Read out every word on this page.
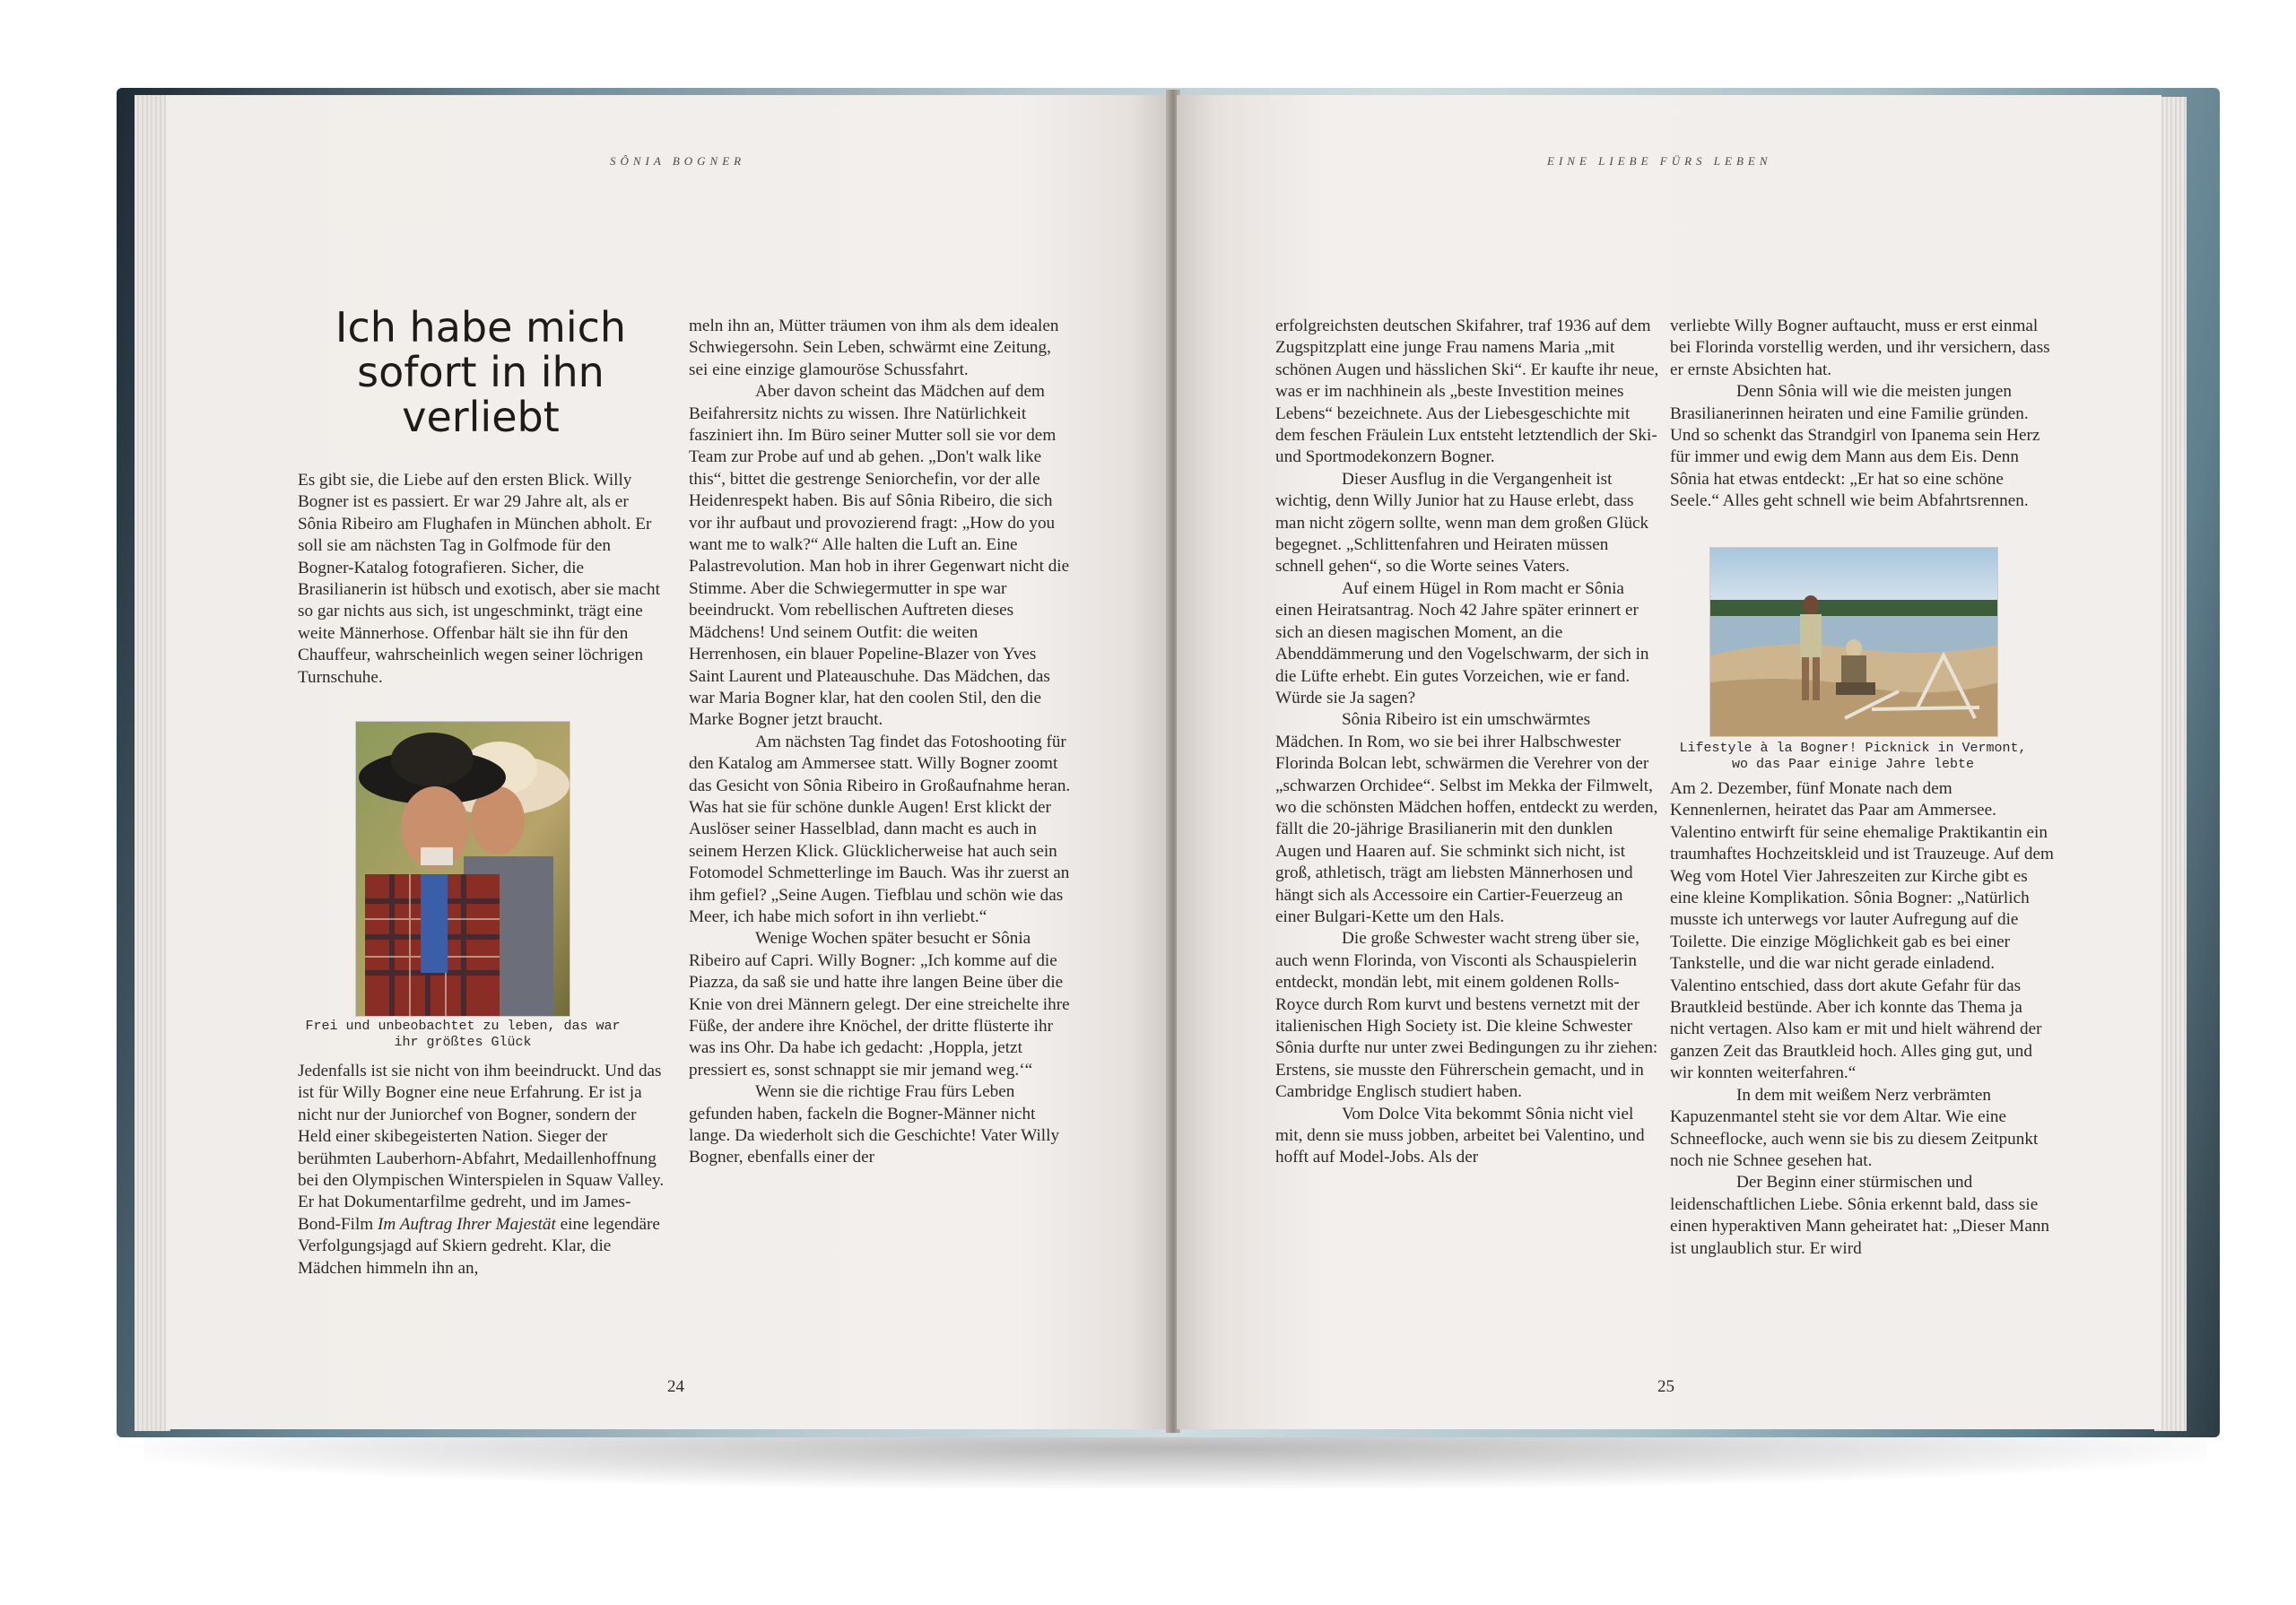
SÔNIA BOGNER	EINE LIEBE FÜRS LEBEN
Ich habe mich sofort in ihn verliebt

Es gibt sie, die Liebe auf den ersten Blick. Willy Bogner ist es passiert. Er war 29 Jahre alt, als er Sônia Ribeiro am Flughafen in München abholt. Er soll sie am nächsten Tag in Golfmode für den Bogner-Katalog fotografieren. Sicher, die Brasilianerin ist hübsch und exotisch, aber sie macht so gar nichts aus sich, ist ungeschminkt, trägt eine weite Männerhose. Offenbar hält sie ihn für den Chauffeur, wahrscheinlich wegen seiner löchrigen Turnschuhe.

Frei und unbeobachtet zu leben, das war ihr größtes Glück

Jedenfalls ist sie nicht von ihm beeindruckt. Und das ist für Willy Bogner eine neue Erfahrung. Er ist ja nicht nur der Juniorchef von Bogner, sondern der Held einer skibegeisterten Nation. Sieger der berühmten Lauberhorn-Abfahrt, Medaillenhoffnung bei den Olympischen Winterspielen in Squaw Valley. Er hat Dokumentarfilme gedreht, und im James-Bond-Film Im Auftrag Ihrer Majestät eine legendäre Verfolgungsjagd auf Skiern gedreht. Klar, die Mädchen himmeln ihn an,

meln ihn an, Mütter träumen von ihm als dem idealen Schwiegersohn. Sein Leben, schwärmt eine Zeitung, sei eine einzige glamouröse Schussfahrt.

Aber davon scheint das Mädchen auf dem Beifahrersitz nichts zu wissen. Ihre Natürlichkeit fasziniert ihn. Im Büro seiner Mutter soll sie vor dem Team zur Probe auf und ab gehen. „Don't walk like this“, bittet die gestrenge Seniorchefin, vor der alle Heidenrespekt haben. Bis auf Sônia Ribeiro, die sich vor ihr aufbaut und provozierend fragt: „How do you want me to walk?“ Alle halten die Luft an. Eine Palastrevolution. Man hob in ihrer Gegenwart nicht die Stimme. Aber die Schwiegermutter in spe war beeindruckt. Vom rebellischen Auftreten dieses Mädchens! Und seinem Outfit: die weiten Herrenhosen, ein blauer Popeline-Blazer von Yves Saint Laurent und Plateauschuhe. Das Mädchen, das war Maria Bogner klar, hat den coolen Stil, den die Marke Bogner jetzt braucht.

Am nächsten Tag findet das Fotoshooting für den Katalog am Ammersee statt. Willy Bogner zoomt das Gesicht von Sônia Ribeiro in Großaufnahme heran. Was hat sie für schöne dunkle Augen! Erst klickt der Auslöser seiner Hasselblad, dann macht es auch in seinem Herzen Klick. Glücklicherweise hat auch sein Fotomodel Schmetterlinge im Bauch. Was ihr zuerst an ihm gefiel? „Seine Augen. Tiefblau und schön wie das Meer, ich habe mich sofort in ihn verliebt.“

Wenige Wochen später besucht er Sônia Ribeiro auf Capri. Willy Bogner: „Ich komme auf die Piazza, da saß sie und hatte ihre langen Beine über die Knie von drei Männern gelegt. Der eine streichelte ihre Füße, der andere ihre Knöchel, der dritte flüsterte ihr was ins Ohr. Da habe ich gedacht: ‚Hoppla, jetzt pressiert es, sonst schnappt sie mir jemand weg.‘“

Wenn sie die richtige Frau fürs Leben gefunden haben, fackeln die Bogner-Männer nicht lange. Da wiederholt sich die Geschichte! Vater Willy Bogner, ebenfalls einer der

24

erfolgreichsten deutschen Skifahrer, traf 1936 auf dem Zugspitzplatt eine junge Frau namens Maria „mit schönen Augen und hässlichen Ski“. Er kaufte ihr neue, was er im nachhinein als „beste Investition meines Lebens“ bezeichnete. Aus der Liebesgeschichte mit dem feschen Fräulein Lux entsteht letztendlich der Ski- und Sportmodekonzern Bogner.

Dieser Ausflug in die Vergangenheit ist wichtig, denn Willy Junior hat zu Hause erlebt, dass man nicht zögern sollte, wenn man dem großen Glück begegnet. „Schlittenfahren und Heiraten müssen schnell gehen“, so die Worte seines Vaters.

Auf einem Hügel in Rom macht er Sônia einen Heiratsantrag. Noch 42 Jahre später erinnert er sich an diesen magischen Moment, an die Abenddämmerung und den Vogelschwarm, der sich in die Lüfte erhebt. Ein gutes Vorzeichen, wie er fand. Würde sie Ja sagen?

Sônia Ribeiro ist ein umschwärmtes Mädchen. In Rom, wo sie bei ihrer Halbschwester Florinda Bolcan lebt, schwärmen die Verehrer von der „schwarzen Orchidee“. Selbst im Mekka der Filmwelt, wo die schönsten Mädchen hoffen, entdeckt zu werden, fällt die 20-jährige Brasilianerin mit den dunklen Augen und Haaren auf. Sie schminkt sich nicht, ist groß, athletisch, trägt am liebsten Männerhosen und hängt sich als Accessoire ein Cartier-Feuerzeug an einer Bulgari-Kette um den Hals.

Die große Schwester wacht streng über sie, auch wenn Florinda, von Visconti als Schauspielerin entdeckt, mondän lebt, mit einem goldenen Rolls-Royce durch Rom kurvt und bestens vernetzt mit der italienischen High Society ist. Die kleine Schwester Sônia durfte nur unter zwei Bedingungen zu ihr ziehen: Erstens, sie musste den Führerschein gemacht, und in Cambridge Englisch studiert haben.

Vom Dolce Vita bekommt Sônia nicht viel mit, denn sie muss jobben, arbeitet bei Valentino, und hofft auf Model-Jobs. Als der

verliebte Willy Bogner auftaucht, muss er erst einmal bei Florinda vorstellig werden, und ihr versichern, dass er ernste Absichten hat.

Denn Sônia will wie die meisten jungen Brasilianerinnen heiraten und eine Familie gründen. Und so schenkt das Strandgirl von Ipanema sein Herz für immer und ewig dem Mann aus dem Eis. Denn Sônia hat etwas entdeckt: „Er hat so eine schöne Seele.“ Alles geht schnell wie beim Abfahrtsrennen.

Lifestyle à la Bogner! Picknick in Vermont, wo das Paar einige Jahre lebte

Am 2. Dezember, fünf Monate nach dem Kennenlernen, heiratet das Paar am Ammersee. Valentino entwirft für seine ehemalige Praktikantin ein traumhaftes Hochzeitskleid und ist Trauzeuge. Auf dem Weg vom Hotel Vier Jahreszeiten zur Kirche gibt es eine kleine Komplikation. Sônia Bogner: „Natürlich musste ich unterwegs vor lauter Aufregung auf die Toilette. Die einzige Möglichkeit gab es bei einer Tankstelle, und die war nicht gerade einladend. Valentino entschied, dass dort akute Gefahr für das Brautkleid bestünde. Aber ich konnte das Thema ja nicht vertagen. Also kam er mit und hielt während der ganzen Zeit das Brautkleid hoch. Alles ging gut, und wir konnten weiterfahren.“

In dem mit weißem Nerz verbrämten Kapuzenmantel steht sie vor dem Altar. Wie eine Schneeflocke, auch wenn sie bis zu diesem Zeitpunkt noch nie Schnee gesehen hat.

Der Beginn einer stürmischen und leidenschaftlichen Liebe. Sônia erkennt bald, dass sie einen hyperaktiven Mann geheiratet hat: „Dieser Mann ist unglaublich stur. Er wird

25
